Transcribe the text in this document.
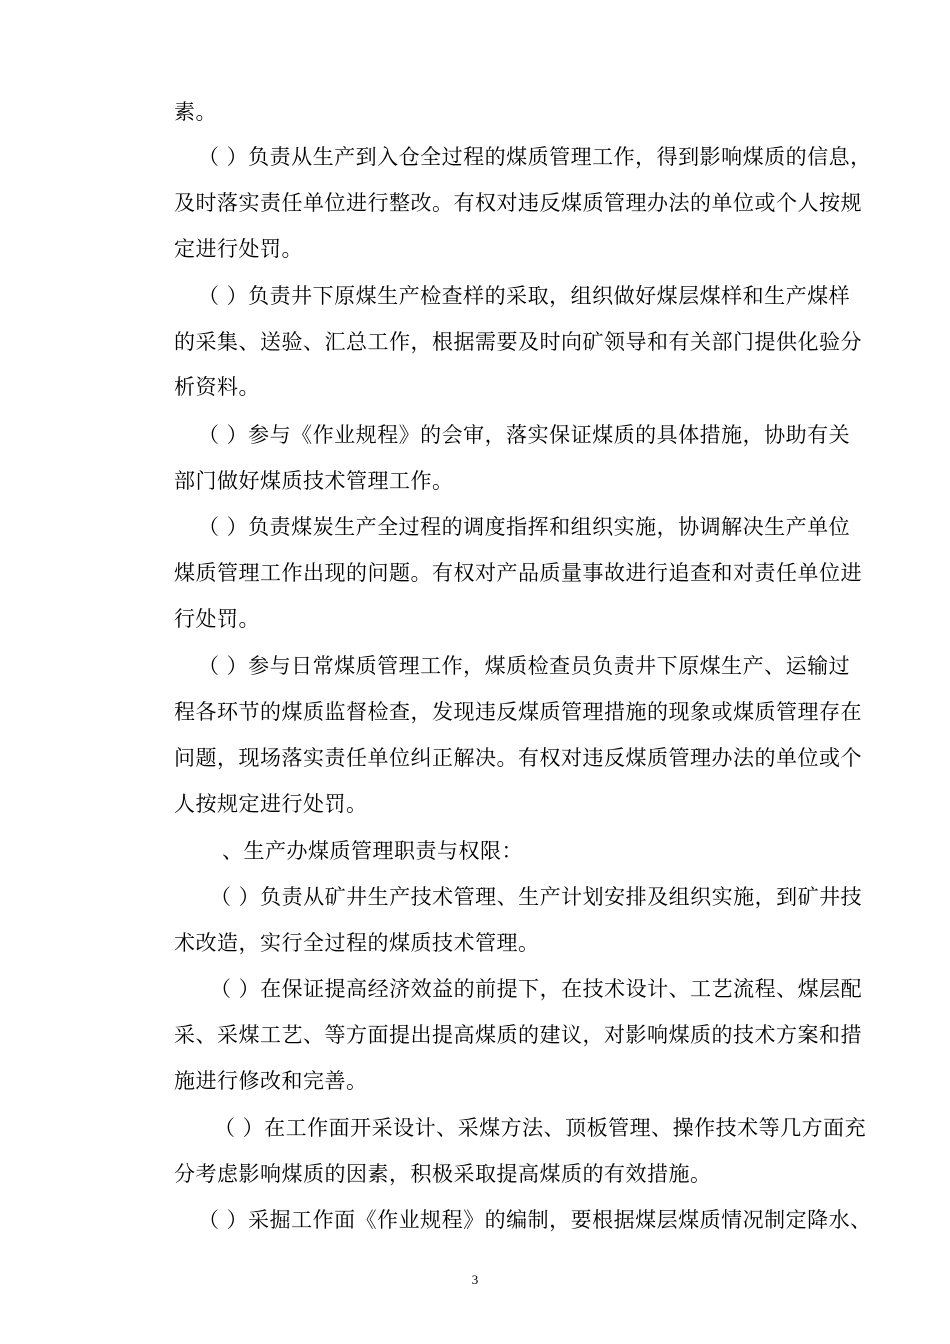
素。
（ ）负责从生产到入仓全过程的煤质管理工作，得到影响煤质的信息，
及时落实责任单位进行整改。有权对违反煤质管理办法的单位或个人按规
定进行处罚。
（ ）负责井下原煤生产检查样的采取，组织做好煤层煤样和生产煤样
的采集、送验、汇总工作，根据需要及时向矿领导和有关部门提供化验分
析资料。
（ ）参与《作业规程》的会审，落实保证煤质的具体措施，协助有关
部门做好煤质技术管理工作。
（ ）负责煤炭生产全过程的调度指挥和组织实施，协调解决生产单位
煤质管理工作出现的问题。有权对产品质量事故进行追查和对责任单位进
行处罚。
（ ）参与日常煤质管理工作，煤质检查员负责井下原煤生产、运输过
程各环节的煤质监督检查，发现违反煤质管理措施的现象或煤质管理存在
问题，现场落实责任单位纠正解决。有权对违反煤质管理办法的单位或个
人按规定进行处罚。
、生产办煤质管理职责与权限：
（ ）负责从矿井生产技术管理、生产计划安排及组织实施，到矿井技
术改造，实行全过程的煤质技术管理。
（ ）在保证提高经济效益的前提下，在技术设计、工艺流程、煤层配
采、采煤工艺、等方面提出提高煤质的建议，对影响煤质的技术方案和措
施进行修改和完善。
（ ）在工作面开采设计、采煤方法、顶板管理、操作技术等几方面充
分考虑影响煤质的因素，积极采取提高煤质的有效措施。
（ ）采掘工作面《作业规程》的编制，要根据煤层煤质情况制定降水、
3
